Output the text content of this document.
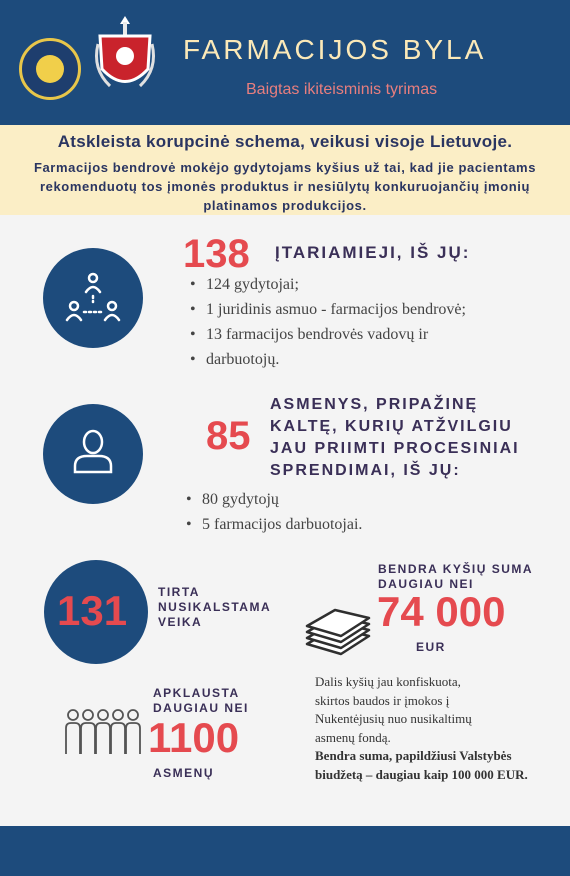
FARMACIJOS BYLA
Baigtas ikiteisminis tyrimas
Atskleista korupcinė schema, veikusi visoje Lietuvoje.
Farmacijos bendrovė mokėjo gydytojams kyšius už tai, kad jie pacientams rekomenduotų tos įmonės produktus ir nesiūlytų konkuruojančių įmonių platinamos produkcijos.
138 ĮTARIAMIEJI, IŠ JŲ:
• 124 gydytojai;
• 1 juridinis asmuo - farmacijos bendrovė;
• 13 farmacijos bendrovės vadovų ir
• darbuotojų.
85
ASMENYS, PRIPAŽINĘ
KALTĘ, KURIŲ ATŽVILGIU
JAU PRIIMTI PROCESINIAI
SPRENDIMAI, IŠ JŲ:
• 80 gydytojų
• 5 farmacijos darbuotojai.
131	TIRTA
NUSIKALSTAMA
VEIKA
BENDRA KYŠIŲ SUMA
DAUGIAU NEI
74 000
EUR
APKLAUSTA
DAUGIAU NEI
1100
ASMENŲ
Dalis kyšių jau konfiskuota,
skirtos baudos ir įmokos į
Nukentėjusių nuo nusikaltimų
asmenų fondą.
Bendra suma, papildžiusi Valstybės
biudžetą – daugiau kaip 100 000 EUR.
